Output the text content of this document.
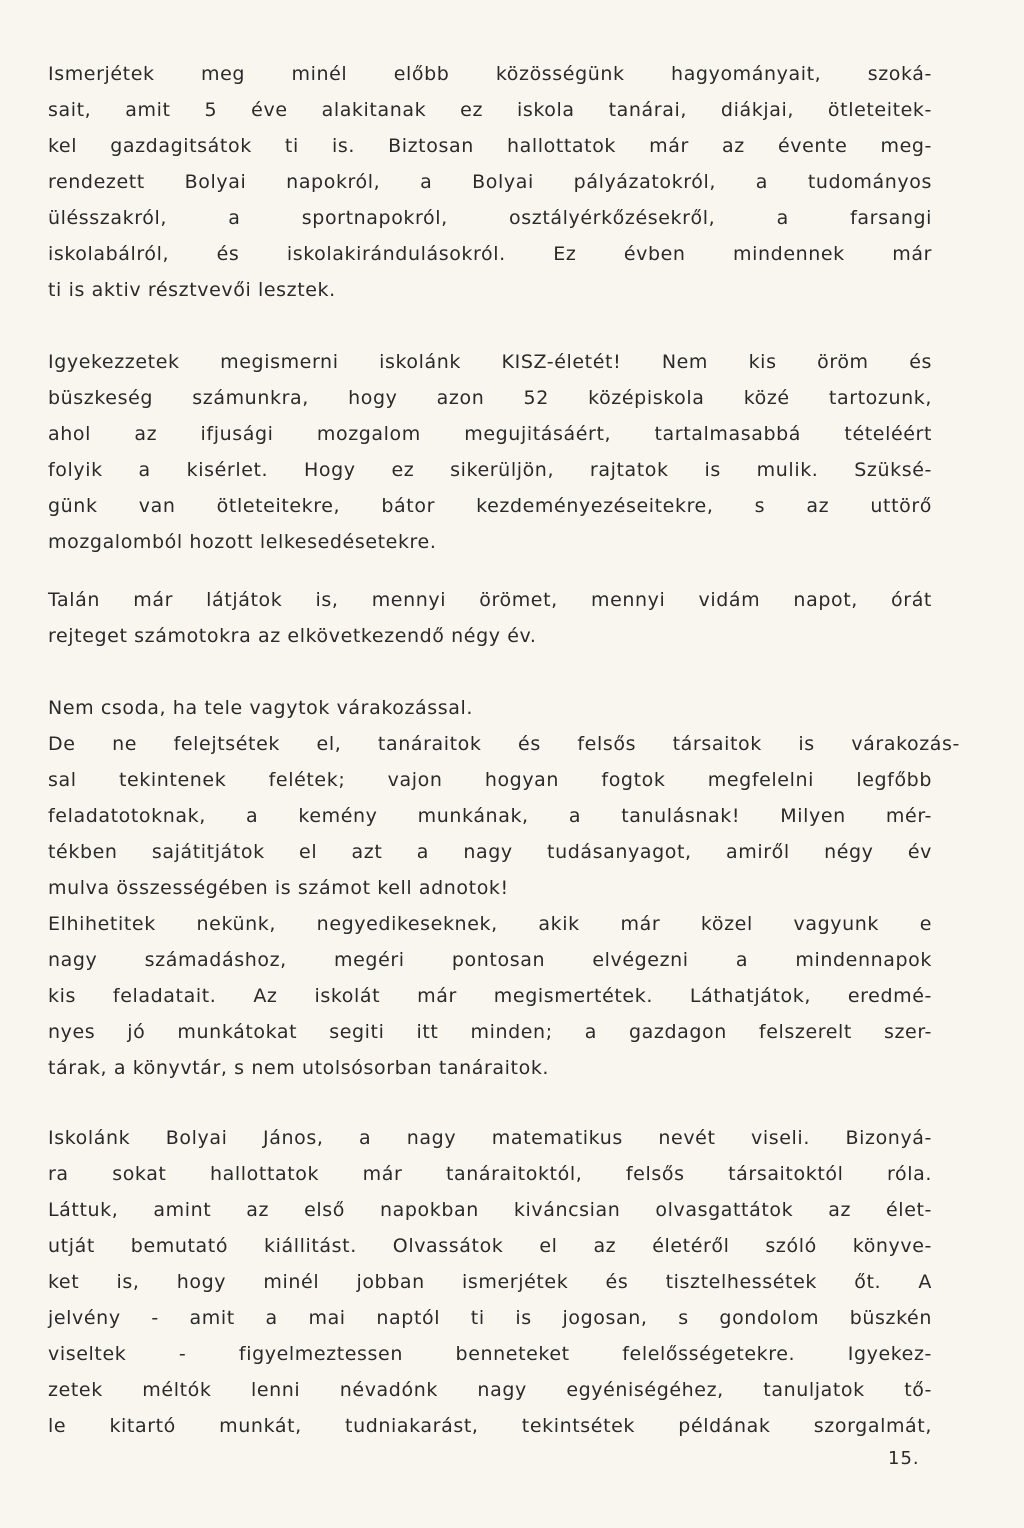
Ismerjétek meg minél előbb közösségünk hagyományait, szoká-
sait, amit 5 éve alakitanak ez iskola tanárai, diákjai, ötleteitek-
kel gazdagitsátok ti is. Biztosan hallottatok már az évente meg-
rendezett Bolyai napokról, a Bolyai pályázatokról, a tudományos
ülésszakról, a sportnapokról, osztályérkőzésekről, a farsangi
iskolabálról, és iskolakirándulásokról. Ez évben mindennek már
ti is aktiv résztvevői lesztek.
Igyekezzetek megismerni iskolánk KISZ-életét! Nem kis öröm és
büszkeség számunkra, hogy azon 52 középiskola közé tartozunk,
ahol az ifjusági mozgalom megujitásáért, tartalmasabbá tételéért
folyik a kisérlet. Hogy ez sikerüljön, rajtatok is mulik. Szüksé-
günk van ötleteitekre, bátor kezdeményezéseitekre, s az uttörő
mozgalomból hozott lelkesedésetekre.
Talán már látjátok is, mennyi örömet, mennyi vidám napot, órát
rejteget számotokra az elkövetkezendő négy év.
Nem csoda, ha tele vagytok várakozással.
De ne felejtsétek el, tanáraitok és felsős társaitok is várakozás-
sal tekintenek felétek; vajon hogyan fogtok megfelelni legfőbb
feladatotoknak, a kemény munkának, a tanulásnak! Milyen mér-
tékben sajátitjátok el azt a nagy tudásanyagot, amiről négy év
mulva összességében is számot kell adnotok!
Elhihetitek nekünk, negyedikeseknek, akik már közel vagyunk e
nagy számadáshoz, megéri pontosan elvégezni a mindennapok
kis feladatait. Az iskolát már megismertétek. Láthatjátok, eredmé-
nyes jó munkátokat segiti itt minden; a gazdagon felszerelt szer-
tárak, a könyvtár, s nem utolsósorban tanáraitok.
Iskolánk Bolyai János, a nagy matematikus nevét viseli. Bizonyá-
ra sokat hallottatok már tanáraitoktól, felsős társaitoktól róla.
Láttuk, amint az első napokban kiváncsian olvasgattátok az élet-
utját bemutató kiállitást. Olvassátok el az életéről szóló könyve-
ket is, hogy minél jobban ismerjétek és tisztelhessétek őt. A
jelvény - amit a mai naptól ti is jogosan, s gondolom büszkén
viseltek - figyelmeztessen benneteket felelősségetekre. Igyekez-
zetek méltók lenni névadónk nagy egyéniségéhez, tanuljatok tő-
le kitartó munkát, tudniakarást, tekintsétek példának szorgalmát,
15.
